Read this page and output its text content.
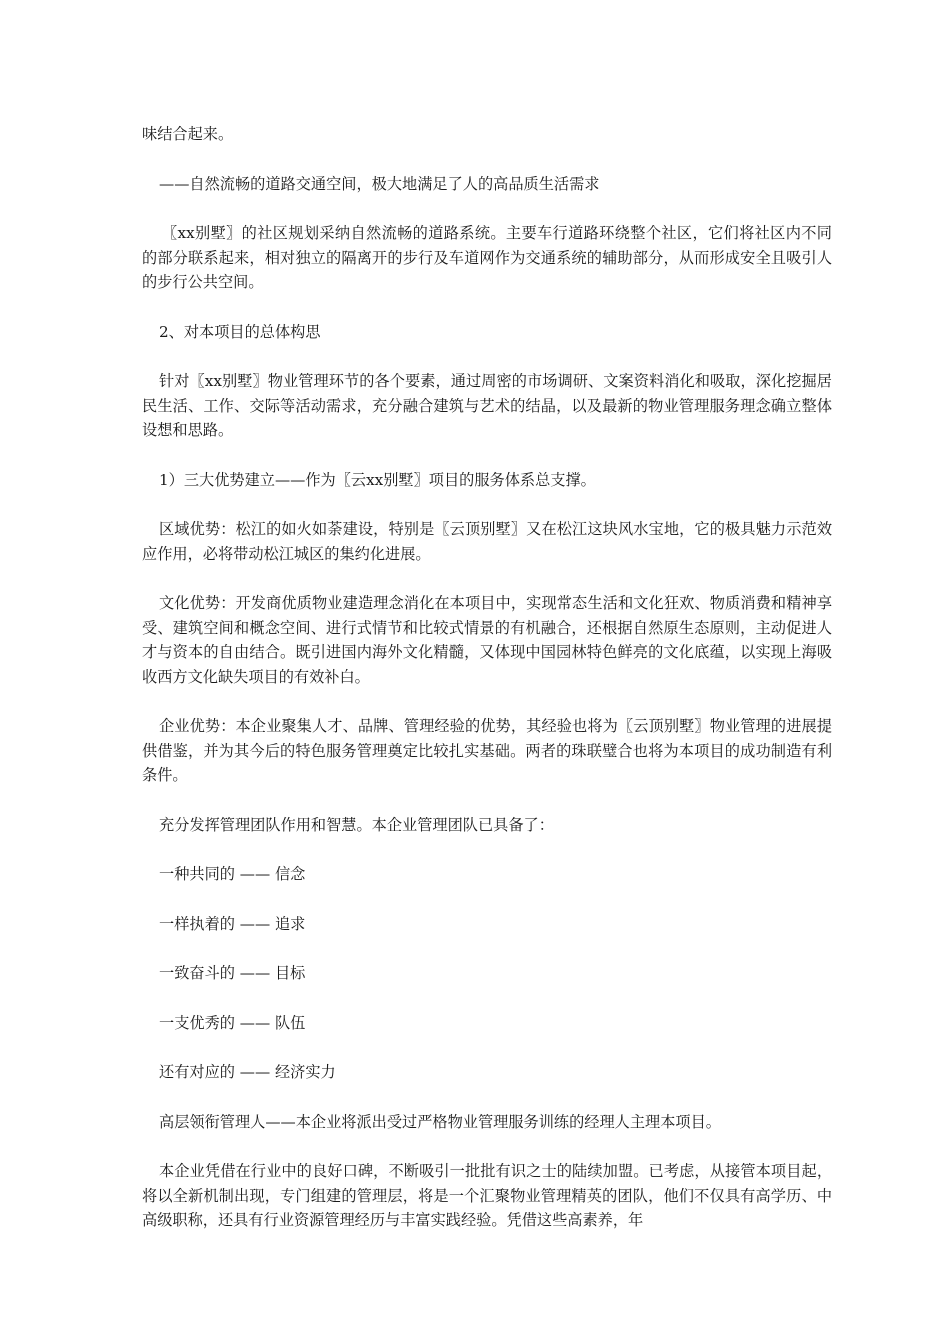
味结合起来。

——自然流畅的道路交通空间，极大地满足了人的高品质生活需求

〖xx别墅〗的社区规划采纳自然流畅的道路系统。主要车行道路环绕整个社区，它们将社区内不同的部分联系起来，相对独立的隔离开的步行及车道网作为交通系统的辅助部分，从而形成安全且吸引人的步行公共空间。

2、对本项目的总体构思

针对〖xx别墅〗物业管理环节的各个要素，通过周密的市场调研、文案资料消化和吸取，深化挖掘居民生活、工作、交际等活动需求，充分融合建筑与艺术的结晶，以及最新的物业管理服务理念确立整体设想和思路。

1）三大优势建立——作为〖云xx别墅〗项目的服务体系总支撑。

区域优势：松江的如火如荼建设，特别是〖云顶别墅〗又在松江这块风水宝地，它的极具魅力示范效应作用，必将带动松江城区的集约化进展。

文化优势：开发商优质物业建造理念消化在本项目中，实现常态生活和文化狂欢、物质消费和精神享受、建筑空间和概念空间、进行式情节和比较式情景的有机融合，还根据自然原生态原则，主动促进人才与资本的自由结合。既引进国内海外文化精髓，又体现中国园林特色鲜亮的文化底蕴，以实现上海吸收西方文化缺失项目的有效补白。

企业优势：本企业聚集人才、品牌、管理经验的优势，其经验也将为〖云顶别墅〗物业管理的进展提供借鉴，并为其今后的特色服务管理奠定比较扎实基础。两者的珠联璧合也将为本项目的成功制造有利条件。

充分发挥管理团队作用和智慧。本企业管理团队已具备了：

一种共同的 —— 信念

一样执着的 —— 追求

一致奋斗的 —— 目标

一支优秀的 —— 队伍

还有对应的 —— 经济实力

高层领衔管理人——本企业将派出受过严格物业管理服务训练的经理人主理本项目。

本企业凭借在行业中的良好口碑，不断吸引一批批有识之士的陆续加盟。已考虑，从接管本项目起，将以全新机制出现，专门组建的管理层，将是一个汇聚物业管理精英的团队，他们不仅具有高学历、中高级职称，还具有行业资源管理经历与丰富实践经验。凭借这些高素养，年
